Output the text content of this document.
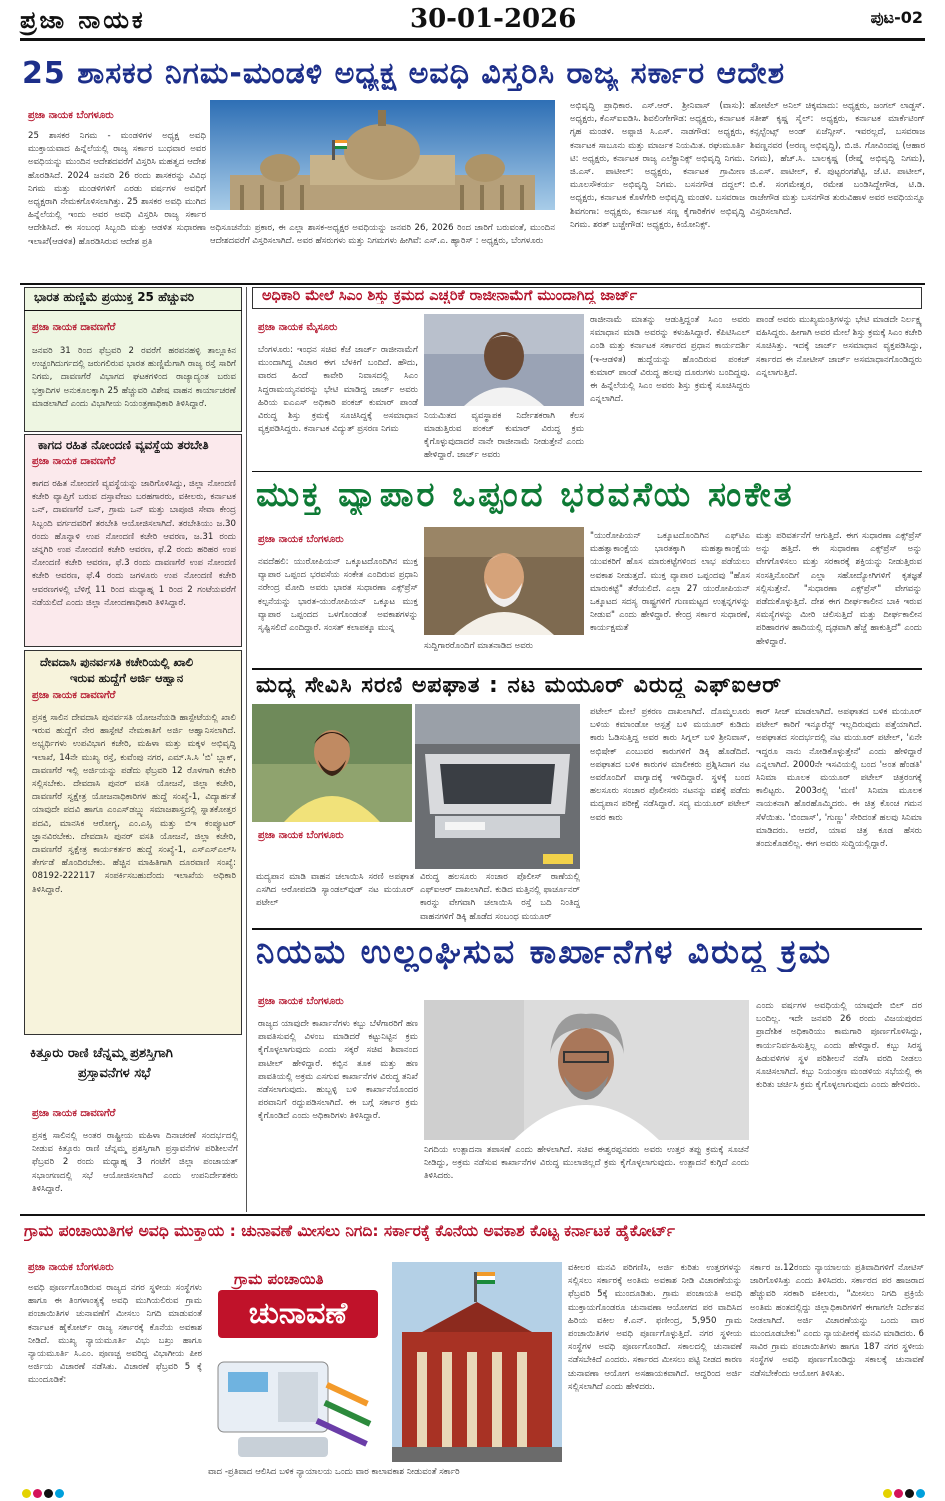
ಪ್ರಜಾ ನಾಯಕ	30-01-2026	ಪುಟ-02
25 ಶಾಸಕರ ನಿಗಮ-ಮಂಡಳಿ ಅಧ್ಯಕ್ಷ ಅವಧಿ ವಿಸ್ತರಿಸಿ ರಾಜ್ಯ ಸರ್ಕಾರ ಆದೇಶ
ಪ್ರಜಾ ನಾಯಕ ಬೆಂಗಳೂರು
25 ಶಾಸಕರ ನಿಗಮ - ಮಂಡಳಿಗಳ ಅಧ್ಯಕ್ಷ ಅವಧಿ ಮುಕ್ತಾಯವಾದ ಹಿನ್ನೆಲೆಯಲ್ಲಿ ರಾಜ್ಯ ಸರ್ಕಾರ ಬುಧವಾರ ಅವರ ಅವಧಿಯನ್ನು ಮುಂದಿನ ಆದೇಶದವರೆಗೆ ವಿಸ್ತರಿಸಿ ಮಹತ್ವದ ಆದೇಶ ಹೊರಡಿಸಿದೆ. 2024 ಜನವರಿ 26 ರಂದು ಶಾಸಕರನ್ನು ವಿವಿಧ ನಿಗಮ ಮತ್ತು ಮಂಡಳಿಗಳಿಗೆ ಎರಡು ವರ್ಷಗಳ ಅವಧಿಗೆ ಅಧ್ಯಕ್ಷರಾಗಿ ನೇಮಕಗೊಳಿಸಲಾಗಿತ್ತು. 25 ಶಾಸಕರ ಅವಧಿ ಮುಗಿದ ಹಿನ್ನೆಲೆಯಲ್ಲಿ ಇಂದು ಅವರ ಅವಧಿ ವಿಸ್ತರಿಸಿ ರಾಜ್ಯ ಸರ್ಕಾರ ಆದೇಶಿಸಿದೆ. ಈ ಸಂಬಂಧ ಸಿಬ್ಬಂದಿ ಮತ್ತು ಆಡಳಿತ ಸುಧಾರಣಾ ಇಲಾಖೆ(ಆಡಳಿತ) ಹೊರಡಿಸಿರುವ ಆದೇಶ ಪ್ರತಿ
ಅಧಿಸೂಚನೆಯ ಪ್ರಕಾರ, ಈ ಎಲ್ಲಾ ಶಾಸಕ-ಅಧ್ಯಕ್ಷರ ಅವಧಿಯನ್ನು ಜನವರಿ 26, 2026 ರಿಂದ ಜಾರಿಗೆ ಬರುವಂತೆ, ಮುಂದಿನ ಆದೇಶದವರೆಗೆ ವಿಸ್ತರಿಸಲಾಗಿದೆ. ಅವರ ಹೆಸರುಗಳು ಮತ್ತು ನಿಗಮಗಳು ಹೀಗಿವೆ: ಎಸ್.ಎ. ಹ್ಯಾರಿಸ್ : ಅಧ್ಯಕ್ಷರು, ಬೆಂಗಳೂರು
ಅಭಿವೃದ್ಧಿ ಪ್ರಾಧಿಕಾರ. ಎಸ್.ಆರ್. ಶ್ರೀನಿವಾಸ್ (ವಾಸು): ಅಧ್ಯಕ್ಷರು, ಕೆಎಸ್ಐಐಡಿಸಿ. ಶಿವಲಿಂಗೇಗೌಡ: ಅಧ್ಯಕ್ಷರು, ಕರ್ನಾಟಕ ಗೃಹ ಮಂಡಳಿ. ಅಪ್ಪಾಜಿ ಸಿ.ಎಸ್. ನಾಡಗೌಡ: ಅಧ್ಯಕ್ಷರು, ಕರ್ನಾಟಕ ಸಾಬೂನು ಮತ್ತು ಮಾರ್ಜಕ ನಿಯಮಿತ. ರಘುಮೂರ್ತಿ ಟಿ: ಅಧ್ಯಕ್ಷರು, ಕರ್ನಾಟಕ ರಾಜ್ಯ ಎಲೆಕ್ಟ್ರಾನಿಕ್ಸ್ ಅಭಿವೃದ್ಧಿ ನಿಗಮ. ಜಿ.ಎಸ್. ಪಾಟೀಲ್: ಅಧ್ಯಕ್ಷರು, ಕರ್ನಾಟಕ ಗ್ರಾಮೀಣ ಮೂಲಸೌಕರ್ಯ ಅಭಿವೃದ್ಧಿ ನಿಗಮ. ಬಸನಗೌಡ ದದ್ದಲ್: ಅಧ್ಯಕ್ಷರು, ಕರ್ನಾಟಕ ಕೊಳೆಗೇರಿ ಅಭಿವೃದ್ಧಿ ಮಂಡಳಿ. ಬಸವರಾಜ ಶಿವಗಂಗಾ: ಅಧ್ಯಕ್ಷರು, ಕರ್ನಾಟಕ ಸಣ್ಣ ಕೈಗಾರಿಕೆಗಳ ಅಭಿವೃದ್ಧಿ ನಿಗಮ. ಶರತ್ ಬಚ್ಚೇಗೌಡ: ಅಧ್ಯಕ್ಷರು, ಕಿಯೋನಿಕ್ಸ್.
ಹೋಟೆಲ್ ಅನಿಲ್ ಚಿಕ್ಕಮಾದು: ಅಧ್ಯಕ್ಷರು, ಜಂಗಲ್ ಲಾಡ್ಜಸ್. ಸತೀಶ್ ಕೃಷ್ಣ ಸೈಲ್: ಅಧ್ಯಕ್ಷರು, ಕರ್ನಾಟಕ ಮಾರ್ಕೆಟಿಂಗ್ ಕನ್ಸಲ್ಟೆಂಟ್ಸ್ ಅಂಡ್ ಏಜೆನ್ಸೀಸ್. ಇವರಲ್ಲದೆ, ಬಸವರಾಜ ಶಿವಣ್ಣನವರ (ಅರಣ್ಯ ಅಭಿವೃದ್ಧಿ), ಬಿ.ಜಿ. ಗೋವಿಂದಪ್ಪ (ಆಹಾರ ನಿಗಮ), ಹೆಚ್.ಸಿ. ಬಾಲಕೃಷ್ಣ (ರೇಷ್ಮೆ ಅಭಿವೃದ್ಧಿ ನಿಗಮ), ಜಿ.ಎಸ್. ಪಾಟೀಲ್, ಕೆ. ಪುಟ್ಟರಂಗಶೆಟ್ಟಿ, ಜೆ.ಟಿ. ಪಾಟೀಲ್, ಬಿ.ಕೆ. ಸಂಗಮೇಶ್ವರ, ರಮೇಶ ಬಂಡಿಸಿದ್ದೇಗೌಡ, ಟಿ.ಡಿ. ರಾಜೇಗೌಡ ಮತ್ತು ಬಸನಗೌಡ ತುರುವಿಹಾಳ ಅವರ ಅವಧಿಯನ್ನೂ ವಿಸ್ತರಿಸಲಾಗಿದೆ.
ಭಾರತ ಹುಣ್ಣಿಮೆ ಪ್ರಯುಕ್ತ 25 ಹೆಚ್ಚುವರಿ
ಪ್ರಜಾ ನಾಯಕ ದಾವಣಗೆರೆ
ಜನವರಿ 31 ರಿಂದ ಫೆಬ್ರವರಿ 2 ರವರೆಗೆ ಹರಪನಹಳ್ಳಿ ತಾಲ್ಲೂಕಿನ ಉಚ್ಚಂಗಿದುರ್ಗದಲ್ಲಿ ಜರುಗಲಿರುವ ಭಾರತ ಹುಣ್ಣಿಮೆಗಾಗಿ ರಾಜ್ಯ ರಸ್ತೆ ಸಾರಿಗೆ ನಿಗಮ, ದಾವಣಗೆರೆ ವಿಭಾಗದ ಘಟಕಗಳಿಂದ ರಾಜ್ಯಾದ್ಯಂತ ಬರುವ ಭಕ್ತಾದಿಗಳ ಅನುಕೂಲಕ್ಕಾಗಿ 25 ಹೆಚ್ಚುವರಿ ವಿಶೇಷ ವಾಹನ ಕಾರ್ಯಾಚರಣೆ ಮಾಡಲಾಗಿದೆ ಎಂದು ವಿಭಾಗೀಯ ನಿಯಂತ್ರಣಾಧಿಕಾರಿ ತಿಳಿಸಿದ್ದಾರೆ.
ಕಾಗದ ರಹಿತ ನೋಂದಣಿ ವ್ಯವಸ್ಥೆಯ ತರಬೇತಿ
ಪ್ರಜಾ ನಾಯಕ ದಾವಣಗೆರೆ
ಕಾಗದ ರಹಿತ ನೋಂದಣಿ ವ್ಯವಸ್ಥೆಯನ್ನು ಜಾರಿಗೊಳಿಸಿದ್ದು, ಜಿಲ್ಲಾ ನೋಂದಣಿ ಕಚೇರಿ ವ್ಯಾಪ್ತಿಗೆ ಬರುವ ದಸ್ತಾವೇಜು ಬರಹಗಾರರು, ವಕೀಲರು, ಕರ್ನಾಟಕ ಒನ್, ದಾವಣಗೆರೆ ಒನ್, ಗ್ರಾಮ ಒನ್ ಮತ್ತು ಬಾಪೂಜಿ ಸೇವಾ ಕೇಂದ್ರ ಸಿಬ್ಬಂದಿ ವರ್ಗದವರಿಗೆ ತರಬೇತಿ ಆಯೋಜಿಸಲಾಗಿದೆ. ತರಬೇತಿಯು ಜ.30 ರಂದು ಹೊನ್ನಾಳಿ ಉಪ ನೋಂದಣಿ ಕಚೇರಿ ಆವರಣ, ಜ.31 ರಂದು ಚನ್ನಗಿರಿ ಉಪ ನೋಂದಣಿ ಕಚೇರಿ ಆವರಣ, ಫೆ.2 ರಂದು ಹರಿಹರ ಉಪ ನೋಂದಣಿ ಕಚೇರಿ ಆವರಣ, ಫೆ.3 ರಂದು ದಾವಣಗೆರೆ ಉಪ ನೋಂದಣಿ ಕಚೇರಿ ಆವರಣ, ಫೆ.4 ರಂದು ಜಗಳೂರು ಉಪ ನೋಂದಣಿ ಕಚೇರಿ ಆವರಣಗಳಲ್ಲಿ ಬೆಳಿಗ್ಗೆ 11 ರಿಂದ ಮಧ್ಯಾಹ್ನ 1 ರಿಂದ 2 ಗಂಟೆಯವರೆಗೆ ನಡೆಯಲಿದೆ ಎಂದು ಜಿಲ್ಲಾ ನೋಂದಣಾಧಿಕಾರಿ ತಿಳಿಸಿದ್ದಾರೆ.
ದೇವದಾಸಿ ಪುನರ್ವಸತಿ ಕಚೇರಿಯಲ್ಲಿ ಖಾಲಿ
ಇರುವ ಹುದ್ದೆಗೆ ಅರ್ಜಿ ಆಹ್ವಾನ
ಪ್ರಜಾ ನಾಯಕ ದಾವಣಗೆರೆ
ಪ್ರಸಕ್ತ ಸಾಲಿನ ದೇವದಾಸಿ ಪುನರ್ವಸತಿ ಯೋಜನೆಯಡಿ ಹಾಸ್ಪೇಟೆಯಲ್ಲಿ ಖಾಲಿ ಇರುವ ಹುದ್ದೆಗೆ ನೇರ ಹಾಸ್ಪೇಟೆ ನೇಮಕಾತಿಗೆ ಅರ್ಜಿ ಆಹ್ವಾನಿಸಲಾಗಿದೆ. ಅಭ್ಯರ್ಥಿಗಳು ಉಪವಿಭಾಗ ಕಚೇರಿ, ಮಹಿಳಾ ಮತ್ತು ಮಕ್ಕಳ ಅಭಿವೃದ್ಧಿ ಇಲಾಖೆ, 14ನೇ ಮುಖ್ಯ ರಸ್ತೆ, ಕುವೆಂಪು ನಗರ, ಎಮ್.ಸಿ.ಸಿ 'ಬಿ' ಬ್ಲಾಕ್, ದಾವಣಗೆರೆ ಇಲ್ಲಿ ಅರ್ಜಿಯನ್ನು ಪಡೆದು ಫೆಬ್ರವರಿ 12 ರೊಳಗಾಗಿ ಕಚೇರಿ ಸಲ್ಲಿಸಬೇಕು. ದೇವದಾಸಿ ಪುನರ್ ವಸತಿ ಯೋಜನೆ, ಜಿಲ್ಲಾ ಕಚೇರಿ, ದಾವಣಗೆರೆ ಸ್ವಕ್ಷೇತ್ರ ಯೋಜನಾಧಿಕಾರಿಗಳ ಹುದ್ದೆ ಸಂಖ್ಯೆ-1, ವಿದ್ಯಾರ್ಹತೆ ಯಾವುದೇ ಪದವಿ ಹಾಗೂ ಎಂಎಸ್‌ಡಬ್ಲ್ಯು ಸಮಾಜಶಾಸ್ತ್ರದಲ್ಲಿ ಸ್ನಾತಕೋತ್ತರ ಪದವಿ, ಮಾನಸಿಕ ಆರೋಗ್ಯ, ಎಂ.ಎಸ್ಸಿ ಮತ್ತು ಬಿಇ ಕಂಪ್ಯೂಟರ್ ಜ್ಞಾನವಿರಬೇಕು. ದೇವದಾಸಿ ಪುನರ್ ವಸತಿ ಯೋಜನೆ, ಜಿಲ್ಲಾ ಕಚೇರಿ, ದಾವಣಗೆರೆ ಸ್ವಕ್ಷೇತ್ರ ಕಾರ್ಯಕರ್ತರ ಹುದ್ದೆ ಸಂಖ್ಯೆ-1, ಎಸ್‌ಎಸ್‌ಎಲ್‌ಸಿ ತೇರ್ಗಡೆ ಹೊಂದಿರಬೇಕು. ಹೆಚ್ಚಿನ ಮಾಹಿತಿಗಾಗಿ ದೂರವಾಣಿ ಸಂಖ್ಯೆ: 08192-222117 ಸಂಪರ್ಕಿಸಬಹುದೆಂದು ಇಲಾಖೆಯ ಅಧಿಕಾರಿ ತಿಳಿಸಿದ್ದಾರೆ.
ಕಿತ್ತೂರು ರಾಣಿ ಚೆನ್ನಮ್ಮ ಪ್ರಶಸ್ತಿಗಾಗಿ
ಪ್ರಸ್ತಾವನೆಗಳ ಸಭೆ
ಪ್ರಜಾ ನಾಯಕ ದಾವಣಗೆರೆ
ಪ್ರಸಕ್ತ ಸಾಲಿನಲ್ಲಿ ಅಂತರ ರಾಷ್ಟ್ರೀಯ ಮಹಿಳಾ ದಿನಾಚರಣೆ ಸಂದರ್ಭದಲ್ಲಿ ನೀಡುವ ಕಿತ್ತೂರು ರಾಣಿ ಚೆನ್ನಮ್ಮ ಪ್ರಶಸ್ತಿಗಾಗಿ ಪ್ರಸ್ತಾವನೆಗಳ ಪರಿಶೀಲನೆಗೆ ಫೆಬ್ರವರಿ 2 ರಂದು ಮಧ್ಯಾಹ್ನ 3 ಗಂಟೆಗೆ ಜಿಲ್ಲಾ ಪಂಚಾಯತ್ ಸಭಾಂಗಣದಲ್ಲಿ ಸಭೆ ಆಯೋಜಿಸಲಾಗಿದೆ ಎಂದು ಉಪನಿರ್ದೇಶಕರು ತಿಳಿಸಿದ್ದಾರೆ.
ಅಧಿಕಾರಿ ಮೇಲೆ ಸಿಎಂ ಶಿಸ್ತು ಕ್ರಮದ ಎಚ್ಚರಿಕೆ ರಾಜೀನಾಮೆಗೆ ಮುಂದಾಗಿದ್ದ ಜಾರ್ಜ್
ಪ್ರಜಾ ನಾಯಕ ಮೈಸೂರು
ಬೆಂಗಳೂರು: ಇಂಧನ ಸಚಿವ ಕೆಜೆ ಜಾರ್ಜ್ ರಾಜೀನಾಮೆಗೆ ಮುಂದಾಗಿದ್ದ ವಿಚಾರ ಈಗ ಬೆಳಕಿಗೆ ಬಂದಿದೆ. ಹೌದು, ವಾರದ ಹಿಂದೆ ಕಾವೇರಿ ನಿವಾಸದಲ್ಲಿ ಸಿಎಂ ಸಿದ್ದರಾಮಯ್ಯನವರನ್ನು ಭೇಟಿ ಮಾಡಿದ್ದ ಜಾರ್ಜ್ ಅವರು ಹಿರಿಯ ಐಎಎಸ್ ಅಧಿಕಾರಿ ಪಂಕಜ್ ಕುಮಾರ್ ಪಾಂಡೆ ವಿರುದ್ಧ ಶಿಸ್ತು ಕ್ರಮಕ್ಕೆ ಸೂಚಿಸಿದ್ದಕ್ಕೆ ಅಸಮಾಧಾನ ವ್ಯಕ್ತಪಡಿಸಿದ್ದರು. ಕರ್ನಾಟಕ ವಿದ್ಯುತ್ ಪ್ರಸರಣ ನಿಗಮ
ನಿಯಮಿತದ ವ್ಯವಸ್ಥಾಪಕ ನಿರ್ದೇಶಕರಾಗಿ ಕೆಲಸ ಮಾಡುತ್ತಿರುವ ಪಂಕಜ್ ಕುಮಾರ್ ವಿರುದ್ಧ ಕ್ರಮ ಕೈಗೊಳ್ಳುವುದಾದರೆ ನಾನೇ ರಾಜೀನಾಮೆ ನೀಡುತ್ತೇನೆ ಎಂದು ಹೇಳಿದ್ದಾರೆ. ಜಾರ್ಜ್ ಅವರು
ರಾಜೀನಾಮೆ ಮಾತನ್ನು ಆಡುತ್ತಿದ್ದಂತೆ ಸಿಎಂ ಅವರು ಸಮಾಧಾನ ಮಾಡಿ ಅವರನ್ನು ಕಳುಹಿಸಿದ್ದಾರೆ. ಕೆಪಿಟಿಸಿಎಲ್ ಎಂಡಿ ಮತ್ತು ಕರ್ನಾಟಕ ಸರ್ಕಾರದ ಪ್ರಧಾನ ಕಾರ್ಯದರ್ಶಿ (ಇ-ಆಡಳಿತ) ಹುದ್ದೆಯನ್ನು ಹೊಂದಿರುವ ಪಂಕಜ್ ಕುಮಾರ್ ಪಾಂಡೆ ವಿರುದ್ಧ ಹಲವು ದೂರುಗಳು ಬಂದಿದ್ದವು. ಈ ಹಿನ್ನೆಲೆಯಲ್ಲಿ ಸಿಎಂ ಅವರು ಶಿಸ್ತು ಕ್ರಮಕ್ಕೆ ಸೂಚಿಸಿದ್ದರು ಎನ್ನಲಾಗಿದೆ.
ಪಾಂಡೆ ಅವರು ಮುಖ್ಯಮಂತ್ರಿಗಳನ್ನು ಭೇಟಿ ಮಾಡದೇ ನಿರ್ಲಕ್ಷ್ಯ ವಹಿಸಿದ್ದರು. ಹೀಗಾಗಿ ಅವರ ಮೇಲೆ ಶಿಸ್ತು ಕ್ರಮಕ್ಕೆ ಸಿಎಂ ಕಚೇರಿ ಸೂಚಿಸಿತ್ತು. ಇದಕ್ಕೆ ಜಾರ್ಜ್ ಅಸಮಾಧಾನ ವ್ಯಕ್ತಪಡಿಸಿದ್ದು, ಸರ್ಕಾರದ ಈ ನೋಟೀಸ್ ಜಾರ್ಜ್ ಅಸಮಾಧಾನಗೊಂಡಿದ್ದರು ಎನ್ನಲಾಗುತ್ತಿದೆ.
ಮುಕ್ತ ವ್ಯಾಪಾರ ಒಪ್ಪಂದ ಭರವಸೆಯ ಸಂಕೇತ
ಪ್ರಜಾ ನಾಯಕ ಬೆಂಗಳೂರು
ನವದೆಹಲಿ: ಯುರೋಪಿಯನ್ ಒಕ್ಕೂಟದೊಂದಿಗಿನ ಮುಕ್ತ ವ್ಯಾಪಾರ ಒಪ್ಪಂದ ಭರವಸೆಯ ಸಂಕೇತ ಎಂದಿರುವ ಪ್ರಧಾನಿ ನರೇಂದ್ರ ಮೋದಿ ಅವರು ಭಾರತ ಸುಧಾರಣಾ ಎಕ್ಸ್‌ಪ್ರೆಸ್ ಕಲ್ಪನೆಯನ್ನು ಭಾರತ-ಯುರೋಪಿಯನ್ ಒಕ್ಕೂಟ ಮುಕ್ತ ವ್ಯಾಪಾರ ಒಪ್ಪಂದದ ಒಳಗೊಂಡಂತೆ ಅವಕಾಶಗಳನ್ನು ಸೃಷ್ಟಿಸಲಿದೆ ಎಂದಿದ್ದಾರೆ. ಸಂಸತ್ ಕಲಾಪಕ್ಕೂ ಮುನ್ನ
ಸುದ್ದಿಗಾರರೊಂದಿಗೆ ಮಾತನಾಡಿದ ಅವರು
"ಯುರೋಪಿಯನ್ ಒಕ್ಕೂಟದೊಂದಿಗಿನ ಎಫ್‌ಟಿಎ ಮಹತ್ವಾಕಾಂಕ್ಷೆಯ ಭಾರತಕ್ಕಾಗಿ ಮಹತ್ವಾಕಾಂಕ್ಷೆಯ ಯುವಕರಿಗೆ ಹೊಸ ಮಾರುಕಟ್ಟೆಗಳಿಂದ ಲಾಭ ಪಡೆಯಲು ಅವಕಾಶ ನೀಡುತ್ತದೆ. ಮುಕ್ತ ವ್ಯಾಪಾರ ಒಪ್ಪಂದವು "ಹೊಸ ಮಾರುಕಟ್ಟೆ" ತೆರೆಯಲಿದೆ. ಎಲ್ಲಾ 27 ಯುರೋಪಿಯನ್ ಒಕ್ಕೂಟದ ಸದಸ್ಯ ರಾಷ್ಟ್ರಗಳಿಗೆ ಗುಣಮಟ್ಟದ ಉತ್ಪನ್ನಗಳನ್ನು ನೀಡುವ" ಎಂದು ಹೇಳಿದ್ದಾರೆ. ಕೇಂದ್ರ ಸರ್ಕಾರ ಸುಧಾರಣೆ, ಕಾರ್ಯಕ್ಷಮತೆ
ಮತ್ತು ಪರಿವರ್ತನೆಗೆ ಆಗುತ್ತಿದೆ. ಈಗ ಸುಧಾರಣಾ ಎಕ್ಸ್‌ಪ್ರೆಸ್ ಅನ್ನು ಹತ್ತಿದೆ. ಈ ಸುಧಾರಣಾ ಎಕ್ಸ್‌ಪ್ರೆಸ್ ಅನ್ನು ವೇಗಗೊಳಿಸಲು ಮತ್ತು ಸರಕಾರಕ್ಕೆ ಶಕ್ತಿಯನ್ನು ನೀಡುತ್ತಿರುವ ಸಂಸತ್ತಿನೊಂದಿಗೆ ಎಲ್ಲಾ ಸಹೋದ್ಯೋಗಿಗಳಿಗೆ ಕೃತಜ್ಞತೆ ಸಲ್ಲಿಸುತ್ತೇನೆ. "ಸುಧಾರಣಾ ಎಕ್ಸ್‌ಪ್ರೆಸ್" ವೇಗವನ್ನು ಪಡೆದುಕೊಳ್ಳುತ್ತಿದೆ. ದೇಶ ಈಗ ದೀರ್ಘಕಾಲೀನ ಬಾಕಿ ಇರುವ ಸಮಸ್ಯೆಗಳನ್ನು ಮೀರಿ ಚಲಿಸುತ್ತಿದೆ ಮತ್ತು ದೀರ್ಘಕಾಲೀನ ಪರಿಹಾರಗಳ ಹಾದಿಯಲ್ಲಿ ದೃಢವಾಗಿ ಹೆಜ್ಜೆ ಹಾಕುತ್ತಿದೆ" ಎಂದು ಹೇಳಿದ್ದಾರೆ.
ಮದ್ಯ ಸೇವಿಸಿ ಸರಣಿ ಅಪಘಾತ : ನಟ ಮಯೂರ್ ವಿರುದ್ಧ ಎಫ್ಐಆರ್
ಪ್ರಜಾ ನಾಯಕ ಬೆಂಗಳೂರು
ಮದ್ಯಪಾನ ಮಾಡಿ ವಾಹನ ಚಲಾಯಿಸಿ ಸರಣಿ ಅಪಘಾತ ಎಸಗಿದ ಆರೋಪದಡಿ ಸ್ಯಾಂಡಲ್‌ವುಡ್ ನಟ ಮಯೂರ್ ಪಟೇಲ್
ವಿರುದ್ಧ ಹಲಸೂರು ಸಂಚಾರ ಪೊಲೀಸ್ ಠಾಣೆಯಲ್ಲಿ ಎಫ್‌ಐಆರ್ ದಾಖಲಾಗಿದೆ. ಕುಡಿದ ಮತ್ತಿನಲ್ಲಿ ಫಾರ್ಚೂನರ್ ಕಾರನ್ನು ವೇಗವಾಗಿ ಚಲಾಯಿಸಿ ರಸ್ತೆ ಬದಿ ನಿಂತಿದ್ದ ವಾಹನಗಳಿಗೆ ಡಿಕ್ಕಿ ಹೊಡೆದ ಸಂಬಂಧ ಮಯೂರ್
ಪಟೇಲ್ ಮೇಲೆ ಪ್ರಕರಣ ದಾಖಲಾಗಿದೆ. ದೊಮ್ಮಲೂರು ಬಳಿಯ ಕಮಾಂಡೋ ಆಸ್ಪತ್ರೆ ಬಳಿ ಮಯೂರ್ ಕುಡಿದು ಕಾರು ಓಡಿಸುತ್ತಿದ್ದ ಅವರ ಕಾರು ಸಿಗ್ನಲ್ ಬಳಿ ಶ್ರೀನಿವಾಸ್, ಅಭಿಷೇಕ್ ಎಂಬುವರ ಕಾರುಗಳಿಗೆ ಡಿಕ್ಕಿ ಹೊಡೆದಿದೆ. ಅಪಘಾತದ ಬಳಿಕ ಕಾರುಗಳ ಮಾಲೀಕರು ಪ್ರಶ್ನಿಸಿದಾಗ ನಟ ಅವರೊಂದಿಗೆ ವಾಗ್ವಾದಕ್ಕೆ ಇಳಿದಿದ್ದಾರೆ. ಸ್ಥಳಕ್ಕೆ ಬಂದ ಹಲಸೂರು ಸಂಚಾರ ಪೊಲೀಸರು ನಟನನ್ನು ವಶಕ್ಕೆ ಪಡೆದು ಮದ್ಯಪಾನ ಪರೀಕ್ಷೆ ನಡೆಸಿದ್ದಾರೆ. ಸದ್ಯ ಮಯೂರ್ ಪಟೇಲ್ ಅವರ ಕಾರು
ಕಾರ್ ಸೀಜ್ ಮಾಡಲಾಗಿದೆ. ಅಪಘಾತದ ಬಳಿಕ ಮಯೂರ್ ಪಟೇಲ್ ಕಾರಿಗೆ ಇನ್ಶೂರೆನ್ಸ್ ಇಲ್ಲದಿರುವುದು ಪತ್ತೆಯಾಗಿದೆ. ಅಪಘಾತದ ಸಂದರ್ಭದಲ್ಲಿ ನಟ ಮಯೂರ್ ಪಟೇಲ್, 'ಏನೇ ಇದ್ದರೂ ನಾನು ನೋಡಿಕೊಳ್ಳುತ್ತೇನೆ' ಎಂದು ಹೇಳಿದ್ದಾರೆ ಎನ್ನಲಾಗಿದೆ. 2000ನೇ ಇಸವಿಯಲ್ಲಿ ಬಂದ 'ಅಂತ ಹೆಂಡತಿ' ಸಿನಿಮಾ ಮೂಲಕ ಮಯೂರ್ ಪಟೇಲ್ ಚಿತ್ರರಂಗಕ್ಕೆ ಕಾಲಿಟ್ಟರು. 2003ರಲ್ಲಿ 'ಮಣಿ' ಸಿನಿಮಾ ಮೂಲಕ ನಾಯಕನಾಗಿ ಹೊರಹೊಮ್ಮಿದರು. ಈ ಚಿತ್ರ ಕೊಂಚ ಗಮನ ಸೆಳೆಯಿತು. 'ಬಿಂದಾಸ್', 'ಗುಣ್ಣು' ಸೇರಿದಂತೆ ಹಲವು ಸಿನಿಮಾ ಮಾಡಿದರು. ಆದರೆ, ಯಾವ ಚಿತ್ರ ಕೂಡ ಹೆಸರು ತಂದುಕೊಡಲಿಲ್ಲ. ಈಗ ಅವರು ಸುದ್ದಿಯಲ್ಲಿದ್ದಾರೆ.
ನಿಯಮ ಉಲ್ಲಂಘಿಸುವ ಕಾರ್ಖಾನೆಗಳ ವಿರುದ್ಧ ಕ್ರಮ
ಪ್ರಜಾ ನಾಯಕ ಬೆಂಗಳೂರು
ರಾಜ್ಯದ ಯಾವುದೇ ಕಾರ್ಖಾನೆಗಳು ಕಬ್ಬು ಬೆಳೆಗಾರರಿಗೆ ಹಣ ಪಾವತಿಸುವಲ್ಲಿ ವಿಳಂಬ ಮಾಡಿದರೆ ಕಟ್ಟುನಿಟ್ಟಿನ ಕ್ರಮ ಕೈಗೊಳ್ಳಲಾಗುವುದು ಎಂದು ಸಕ್ಕರೆ ಸಚಿವ ಶಿವಾನಂದ ಪಾಟೀಲ್ ಹೇಳಿದ್ದಾರೆ. ಕಬ್ಬಿನ ತೂಕ ಮತ್ತು ಹಣ ಪಾವತಿಯಲ್ಲಿ ಅಕ್ರಮ ಎಸಗುವ ಕಾರ್ಖಾನೆಗಳ ವಿರುದ್ಧ ತನಿಖೆ ನಡೆಸಲಾಗುವುದು. ಹುಬ್ಬಳ್ಳಿ ಬಳಿ ಕಾರ್ಖಾನೆಯೊಂದರ ಪರವಾನಿಗೆ ರದ್ದುಪಡಿಸಲಾಗಿದೆ. ಈ ಬಗ್ಗೆ ಸರ್ಕಾರ ಕ್ರಮ ಕೈಗೊಂಡಿದೆ ಎಂದು ಅಧಿಕಾರಿಗಳು ತಿಳಿಸಿದ್ದಾರೆ.
ನಿಗದಿಯ ಉತ್ಪಾದನಾ ತಪಾಸಣೆ ಎಂದು ಹೇಳಲಾಗಿದೆ. ಸಚಿವ ಈಶ್ವರಪ್ಪನವರು ಅವರು ಉತ್ತರ ತಪ್ಪು ಕ್ರಮಕ್ಕೆ ಸೂಚನೆ ನೀಡಿದ್ದು, ಅಕ್ರಮ ನಡೆಸುವ ಕಾರ್ಖಾನೆಗಳ ವಿರುದ್ಧ ಮುಲಾಜಿಲ್ಲದೆ ಕ್ರಮ ಕೈಗೊಳ್ಳಲಾಗುವುದು. ಉತ್ಪಾದನೆ ಕುಗ್ಗಿದೆ ಎಂದು ತಿಳಿಸಿದರು.
ಎಂದು ವರ್ಷಗಳ ಅವಧಿಯಲ್ಲಿ ಯಾವುದೇ ಬಿಲ್ ದರ ಬಂದಿಲ್ಲ. ಇದೇ ಜನವರಿ 26 ರಂದು ವಿಜಯಪುರದ ಪ್ರಾದೇಶಿಕ ಅಧಿಕಾರಿಯು ಕಾಮಗಾರಿ ಪೂರ್ಣಗೊಳಿಸಿದ್ದು, ಕಾರ್ಯನಿರ್ವಹಿಸುತ್ತಿಲ್ಲ ಎಂದು ಹೇಳಿದ್ದಾರೆ. ಕಬ್ಬು ಸಿರಸ್ಥ ಹಿಡುವಳಿಗಳ ಸ್ಥಳ ಪರಿಶೀಲನೆ ನಡೆಸಿ ವರದಿ ನೀಡಲು ಸೂಚಿಸಲಾಗಿದೆ. ಕಬ್ಬು ನಿಯಂತ್ರಣ ಮಂಡಳಿಯ ಸಭೆಯಲ್ಲಿ ಈ ಕುರಿತು ಚರ್ಚಿಸಿ ಕ್ರಮ ಕೈಗೊಳ್ಳಲಾಗುವುದು ಎಂದು ಹೇಳಿದರು.
ಗ್ರಾಮ ಪಂಚಾಯಿತಿಗಳ ಅವಧಿ ಮುಕ್ತಾಯ : ಚುನಾವಣೆ ಮೀಸಲು ನಿಗದಿ: ಸರ್ಕಾರಕ್ಕೆ ಕೊನೆಯ ಅವಕಾಶ ಕೊಟ್ಟ ಕರ್ನಾಟಕ ಹೈಕೋರ್ಟ್
ಪ್ರಜಾ ನಾಯಕ ಬೆಂಗಳೂರು
ಅವಧಿ ಪೂರ್ಣಗೊಂಡಿರುವ ರಾಜ್ಯದ ನಗರ ಸ್ಥಳೀಯ ಸಂಸ್ಥೆಗಳು ಹಾಗೂ ಈ ತಿಂಗಳಾಂತ್ಯಕ್ಕೆ ಅವಧಿ ಮುಗಿಯಲಿರುವ ಗ್ರಾಮ ಪಂಚಾಯಿತಿಗಳ ಚುನಾವಣೆಗೆ ಮೀಸಲು ನಿಗದಿ ಮಾಡುವಂತೆ ಕರ್ನಾಟಕ ಹೈಕೋರ್ಟ್ ರಾಜ್ಯ ಸರ್ಕಾರಕ್ಕೆ ಕೊನೆಯ ಅವಕಾಶ ನೀಡಿದೆ. ಮುಖ್ಯ ನ್ಯಾಯಮೂರ್ತಿ ವಿಭು ಬಖ್ರು ಹಾಗೂ ನ್ಯಾಯಮೂರ್ತಿ ಸಿ.ಎಂ. ಪೂಣಚ್ಚ ಅವರಿದ್ದ ವಿಭಾಗೀಯ ಪೀಠ ಅರ್ಜಿಯ ವಿಚಾರಣೆ ನಡೆಸಿತು. ವಿಚಾರಣೆ ಫೆಬ್ರವರಿ 5 ಕ್ಕೆ ಮುಂದೂಡಿಕೆ:
ಗ್ರಾಮ ಪಂಚಾಯಿತಿ
ಚುನಾವಣೆ
ವಾದ -ಪ್ರತಿವಾದ ಆಲಿಸಿದ ಬಳಿಕ ನ್ಯಾಯಾಲಯ ಒಂದು ವಾರ ಕಾಲಾವಕಾಶ ನೀಡುವಂತೆ ಸರ್ಕಾರಿ
ವಕೀಲರ ಮನವಿ ಪರಿಗಣಿಸಿ, ಅರ್ಜಿ ಕುರಿತು ಉತ್ತರಗಳನ್ನು ಸಲ್ಲಿಸಲು ಸರ್ಕಾರಕ್ಕೆ ಅಂತಿಮ ಅವಕಾಶ ನೀಡಿ ವಿಚಾರಣೆಯನ್ನು ಫೆಬ್ರವರಿ 5ಕ್ಕೆ ಮುಂದೂಡಿತು. ಗ್ರಾಮ ಪಂಚಾಯತಿ ಅವಧಿ ಮುಕ್ತಾಯಗೊಂಡರೂ ಚುನಾವಣಾ ಆಯೋಗದ ಪರ ವಾದಿಸಿದ ಹಿರಿಯ ವಕೀಲ ಕೆ.ಎನ್. ಫಣೀಂದ್ರ, 5,950 ಗ್ರಾಮ ಪಂಚಾಯಿತಿಗಳ ಅವಧಿ ಪೂರ್ಣಗೊಳ್ಳುತ್ತಿದೆ. ನಗರ ಸ್ಥಳೀಯ ಸಂಸ್ಥೆಗಳ ಅವಧಿ ಪೂರ್ಣಗೊಂಡಿದೆ. ಸಕಾಲದಲ್ಲಿ ಚುನಾವಣೆ ನಡೆಸಬೇಕಿದೆ ಎಂದರು. ಸರ್ಕಾರದ ಮೀಸಲು ಪಟ್ಟಿ ನೀಡದ ಕಾರಣ ಚುನಾವಣಾ ಆಯೋಗ ಅಸಹಾಯಕವಾಗಿದೆ. ಆದ್ದರಿಂದ ಅರ್ಜಿ ಸಲ್ಲಿಸಲಾಗಿದೆ ಎಂದು ಹೇಳಿದರು.
ಸರ್ಕಾರ ಜ.12ರಂದು ನ್ಯಾಯಾಲಯ ಪ್ರತಿವಾದಿಗಳಿಗೆ ನೋಟಿಸ್ ಜಾರಿಗೊಳಿಸಿತ್ತು ಎಂದು ತಿಳಿಸಿದರು. ಸರ್ಕಾರದ ಪರ ಹಾಜರಾದ ಹೆಚ್ಚುವರಿ ಸರಕಾರಿ ವಕೀಲರು, "ಮೀಸಲು ನಿಗದಿ ಪ್ರಕ್ರಿಯೆ ಅಂತಿಮ ಹಂತದಲ್ಲಿದ್ದು ಜಿಲ್ಲಾಧಿಕಾರಿಗಳಿಗೆ ಈಗಾಗಲೇ ನಿರ್ದೇಶನ ನೀಡಲಾಗಿದೆ. ಅರ್ಜಿ ವಿಚಾರಣೆಯನ್ನು ಒಂದು ವಾರ ಮುಂದೂಡಬೇಕು" ಎಂದು ನ್ಯಾಯಪೀಠಕ್ಕೆ ಮನವಿ ಮಾಡಿದರು. 6 ಸಾವಿರ ಗ್ರಾಮ ಪಂಚಾಯಿತಿಗಳು ಹಾಗೂ 187 ನಗರ ಸ್ಥಳೀಯ ಸಂಸ್ಥೆಗಳ ಅವಧಿ ಪೂರ್ಣಗೊಂಡಿದ್ದು ಸಕಾಲಕ್ಕೆ ಚುನಾವಣೆ ನಡೆಸಬೇಕೆಂದು ಆಯೋಗ ತಿಳಿಸಿತು.
